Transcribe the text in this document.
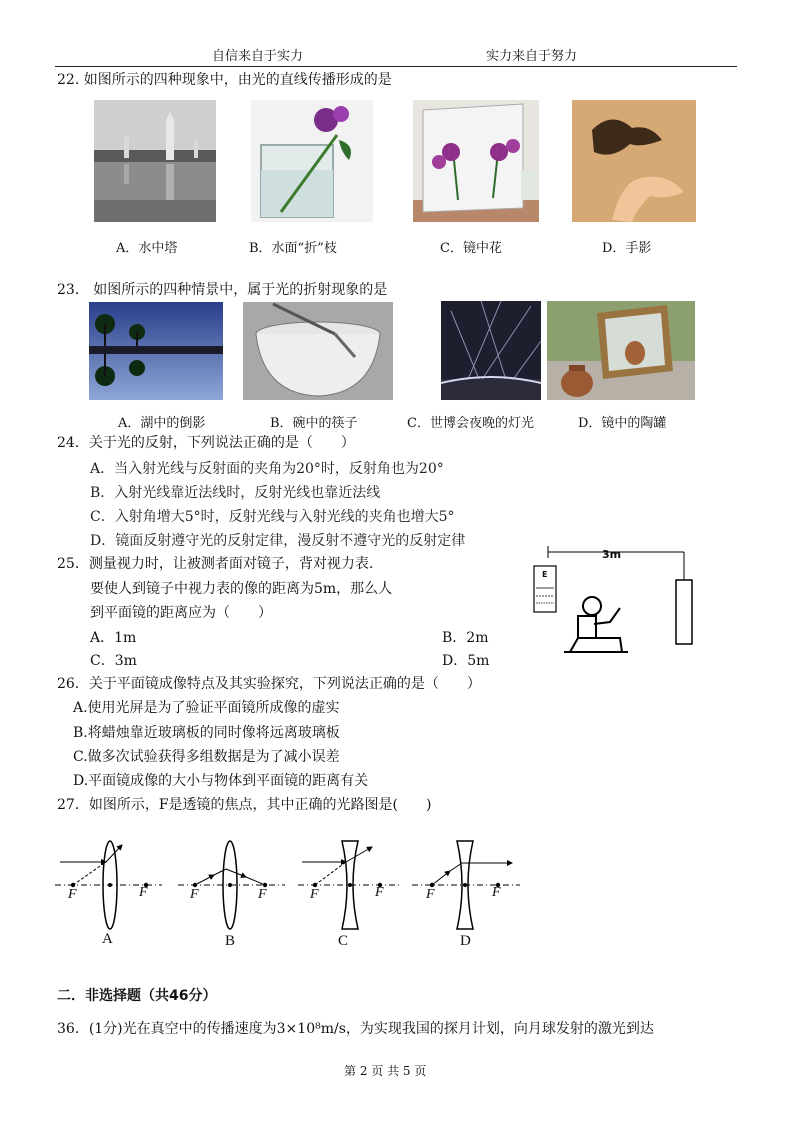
自信来自于实力	实力来自于努力
22. 如图所示的四种现象中，由光的直线传播形成的是
A．水中塔	B．水面“折”枝	C．镜中花	D．手影
23． 如图所示的四种情景中，属于光的折射现象的是
A．湖中的倒影	B．碗中的筷子	C．世博会夜晚的灯光	D．镜中的陶罐
24．关于光的反射，下列说法正确的是（　　）
A．当入射光线与反射面的夹角为20°时，反射角也为20°
B．入射光线靠近法线时，反射光线也靠近法线
C．入射角增大5°时，反射光线与入射光线的夹角也增大5°
D．镜面反射遵守光的反射定律，漫反射不遵守光的反射定律
25．测量视力时，让被测者面对镜子，背对视力表.
要使人到镜子中视力表的像的距离为5m，那么人
到平面镜的距离应为（　　）
A．1m	B．2m
C．3m	D．5m
3m
E
26．关于平面镜成像特点及其实验探究，下列说法正确的是（　　）
A.使用光屏是为了验证平面镜所成像的虚实
B.将蜡烛靠近玻璃板的同时像将远离玻璃板
C.做多次试验获得多组数据是为了减小误差
D.平面镜成像的大小与物体到平面镜的距离有关
27．如图所示，F是透镜的焦点，其中正确的光路图是(　　)
F	F	F	F	F	F	F	F
A	B	C	D
二．非选择题（共46分）
36．(1分)光在真空中的传播速度为3×10⁸m/s，为实现我国的探月计划，向月球发射的激光到达
第 2 页 共 5 页
